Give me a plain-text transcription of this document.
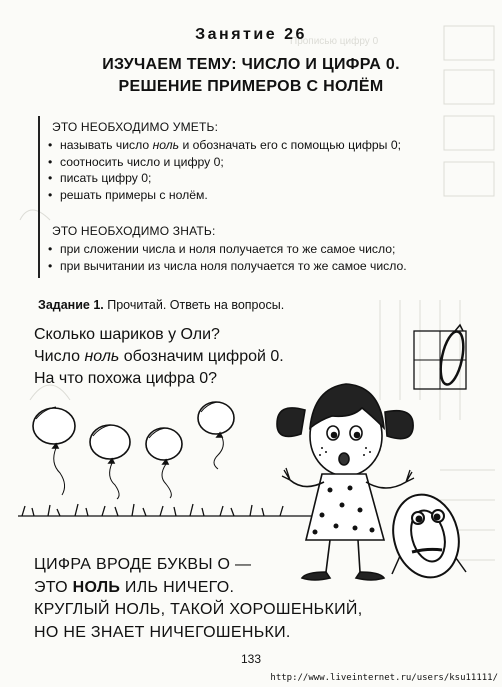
Прописью цифру 0
Занятие 26
ИЗУЧАЕМ ТЕМУ: ЧИСЛО И ЦИФРА 0.
РЕШЕНИЕ ПРИМЕРОВ С НОЛЁМ
ЭТО НЕОБХОДИМО УМЕТЬ:
• называть число ноль и обозначать его с помощью цифры 0;
• соотносить число и цифру 0;
• писать цифру 0;
• решать примеры с нолём.
ЭТО НЕОБХОДИМО ЗНАТЬ:
• при сложении числа и ноля получается то же самое число;
• при вычитании из числа ноля получается то же самое число.
Задание 1. Прочитай. Ответь на вопросы.
Сколько шариков у Оли?
Число ноль обозначим цифрой 0.
На что похожа цифра 0?
ЦИФРА ВРОДЕ БУКВЫ О —
ЭТО НОЛЬ ИЛЬ НИЧЕГО.
КРУГЛЫЙ НОЛЬ, ТАКОЙ ХОРОШЕНЬКИЙ,
НО НЕ ЗНАЕТ НИЧЕГОШЕНЬКИ.
133
http://www.liveinternet.ru/users/ksu11111/
